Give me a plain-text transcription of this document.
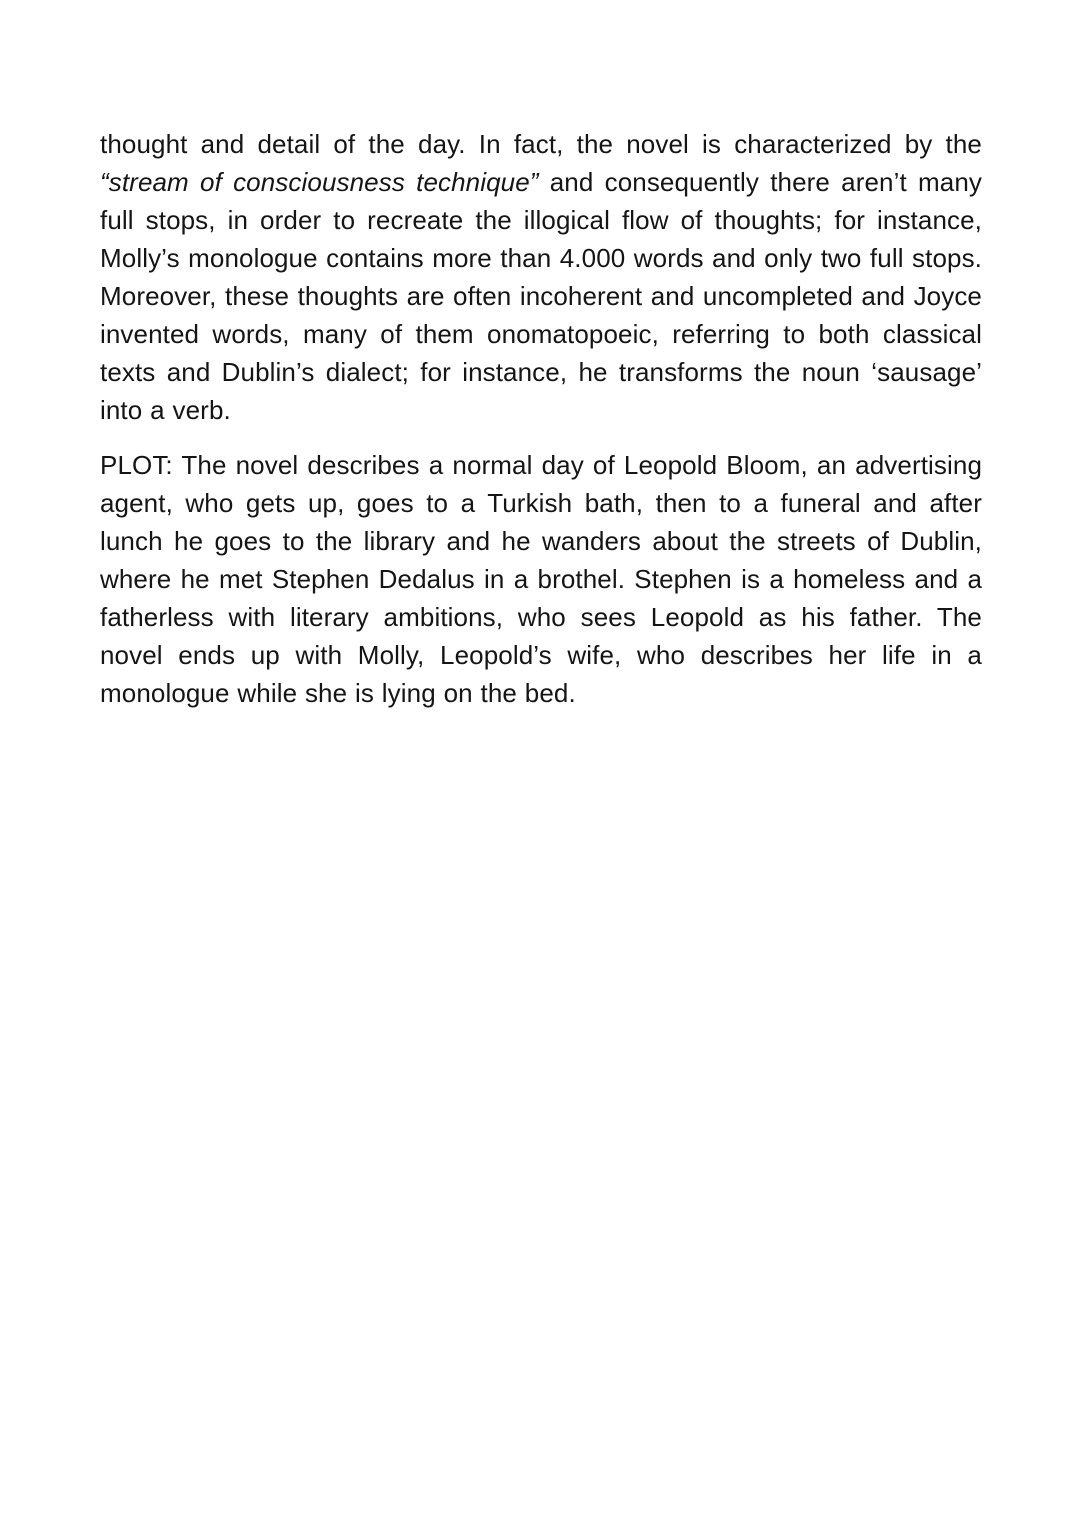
thought and detail of the day. In fact, the novel is characterized by the “stream of consciousness technique” and consequently there aren’t many full stops, in order to recreate the illogical flow of thoughts; for instance, Molly’s monologue contains more than 4.000 words and only two full stops. Moreover, these thoughts are often incoherent and uncompleted and Joyce invented words, many of them onomatopoeic, referring to both classical texts and Dublin’s dialect; for instance, he transforms the noun ‘sausage’ into a verb.

PLOT: The novel describes a normal day of Leopold Bloom, an advertising agent, who gets up, goes to a Turkish bath, then to a funeral and after lunch he goes to the library and he wanders about the streets of Dublin, where he met Stephen Dedalus in a brothel. Stephen is a homeless and a fatherless with literary ambitions, who sees Leopold as his father. The novel ends up with Molly, Leopold’s wife, who describes her life in a monologue while she is lying on the bed.
